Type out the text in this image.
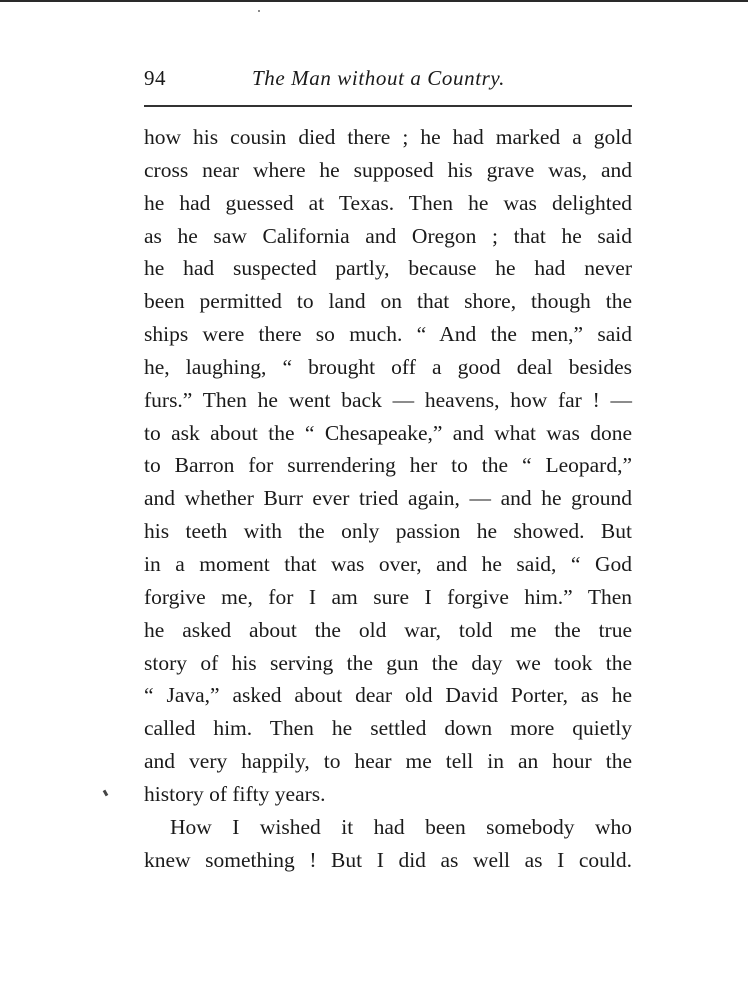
94	The Man without a Country.
how his cousin died there ; he had marked a gold
cross near where he supposed his grave was, and
he had guessed at Texas. Then he was delighted
as he saw California and Oregon ; that he said
he had suspected partly, because he had never
been permitted to land on that shore, though the
ships were there so much. “ And the men,” said
he, laughing, “ brought off a good deal besides
furs.” Then he went back — heavens, how far ! —
to ask about the “ Chesapeake,” and what was done
to Barron for surrendering her to the “ Leopard,”
and whether Burr ever tried again, — and he ground
his teeth with the only passion he showed. But
in a moment that was over, and he said, “ God
forgive me, for I am sure I forgive him.” Then
he asked about the old war, told me the true
story of his serving the gun the day we took the
“ Java,” asked about dear old David Porter, as he
called him. Then he settled down more quietly
and very happily, to hear me tell in an hour the
history of fifty years.
How I wished it had been somebody who
knew something ! But I did as well as I could.
